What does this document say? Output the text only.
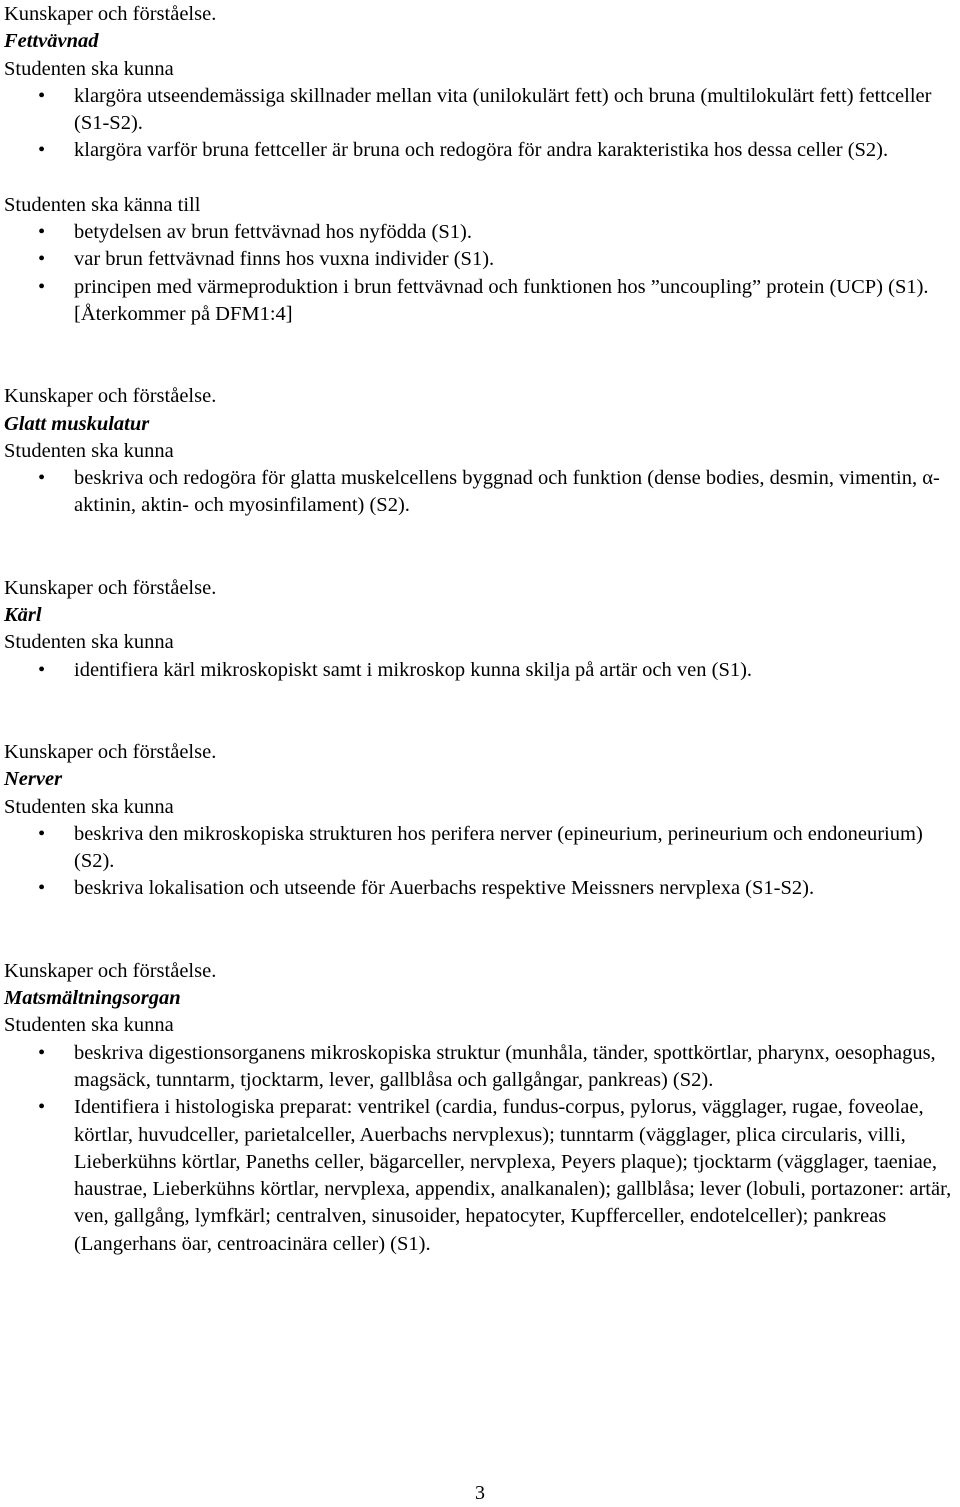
Kunskaper och förståelse.
Fettvävnad
Studenten ska kunna
• klargöra utseendemässiga skillnader mellan vita (unilokulärt fett) och bruna (multilokulärt fett) fettceller (S1-S2).
• klargöra varför bruna fettceller är bruna och redogöra för andra karakteristika hos dessa celler (S2).
Studenten ska känna till
• betydelsen av brun fettvävnad hos nyfödda (S1).
• var brun fettvävnad finns hos vuxna individer (S1).
• principen med värmeproduktion i brun fettvävnad och funktionen hos ”uncoupling” protein (UCP) (S1). [Återkommer på DFM1:4]
Kunskaper och förståelse.
Glatt muskulatur
Studenten ska kunna
• beskriva och redogöra för glatta muskelcellens byggnad och funktion (dense bodies, desmin, vimentin, α-aktinin, aktin- och myosinfilament) (S2).
Kunskaper och förståelse.
Kärl
Studenten ska kunna
• identifiera kärl mikroskopiskt samt i mikroskop kunna skilja på artär och ven (S1).
Kunskaper och förståelse.
Nerver
Studenten ska kunna
• beskriva den mikroskopiska strukturen hos perifera nerver (epineurium, perineurium och endoneurium) (S2).
• beskriva lokalisation och utseende för Auerbachs respektive Meissners nervplexa (S1-S2).
Kunskaper och förståelse.
Matsmältningsorgan
Studenten ska kunna
• beskriva digestionsorganens mikroskopiska struktur (munhåla, tänder, spottkörtlar, pharynx, oesophagus, magsäck, tunntarm, tjocktarm, lever, gallblåsa och gallgångar, pankreas) (S2).
• Identifiera i histologiska preparat: ventrikel (cardia, fundus-corpus, pylorus, vägglager, rugae, foveolae, körtlar, huvudceller, parietalceller, Auerbachs nervplexus); tunntarm (vägglager, plica circularis, villi, Lieberkühns körtlar, Paneths celler, bägarceller, nervplexa, Peyers plaque); tjocktarm (vägglager, taeniae, haustrae, Lieberkühns körtlar, nervplexa, appendix, analkanalen); gallblåsa; lever (lobuli, portazoner: artär, ven, gallgång, lymfkärl; centralven, sinusoider, hepatocyter, Kupfferceller, endotelceller); pankreas (Langerhans öar, centroacinära celler) (S1).
3
